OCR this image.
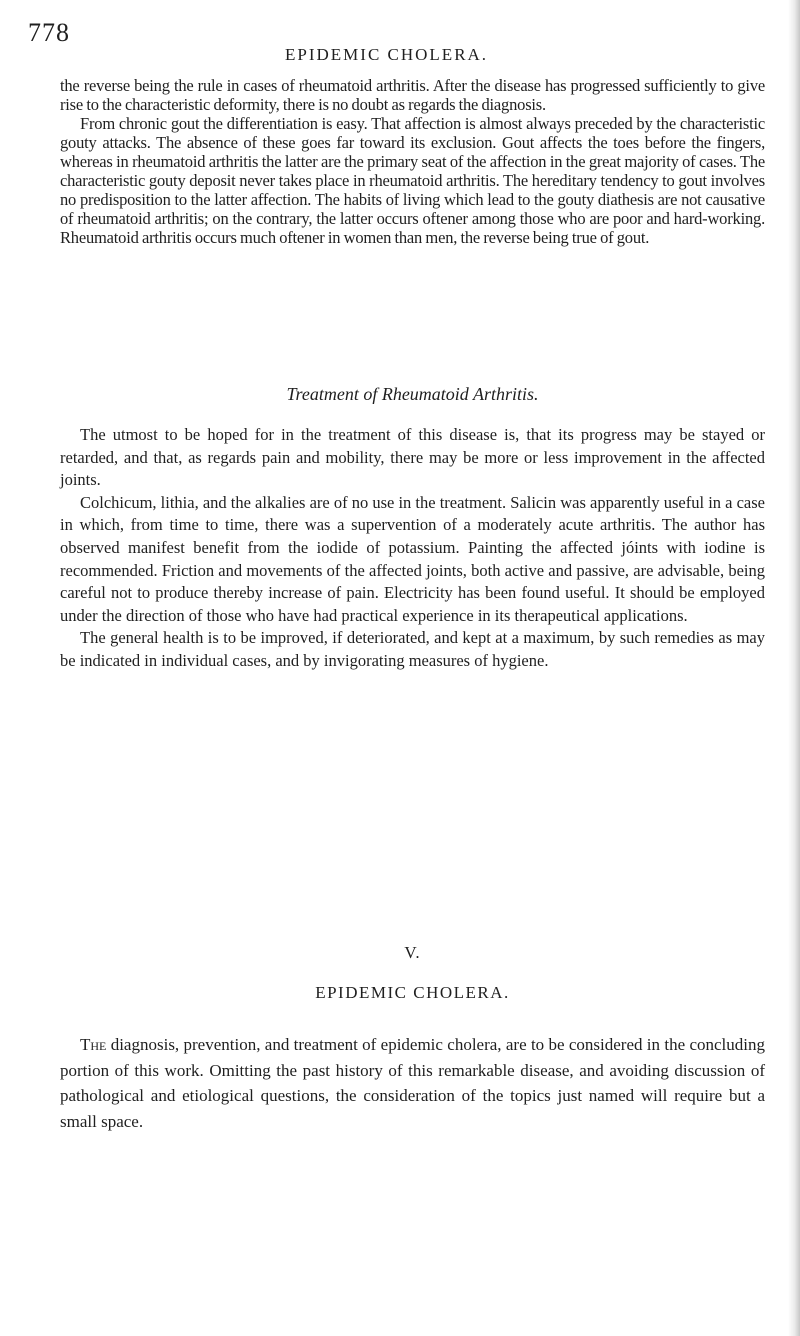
778
EPIDEMIC CHOLERA.

the reverse being the rule in cases of rheumatoid arthritis. After the disease has progressed sufficiently to give rise to the characteristic deformity, there is no doubt as regards the diagnosis.

From chronic gout the differentiation is easy. That affection is almost always preceded by the characteristic gouty attacks. The absence of these goes far toward its exclusion. Gout affects the toes before the fingers, whereas in rheumatoid arthritis the latter are the primary seat of the affection in the great majority of cases. The characteristic gouty deposit never takes place in rheumatoid arthritis. The hereditary tendency to gout involves no predisposition to the latter affection. The habits of living which lead to the gouty diathesis are not causative of rheumatoid arthritis; on the contrary, the latter occurs oftener among those who are poor and hard-working. Rheumatoid arthritis occurs much oftener in women than men, the reverse being true of gout.

Treatment of Rheumatoid Arthritis.

The utmost to be hoped for in the treatment of this disease is, that its progress may be stayed or retarded, and that, as regards pain and mobility, there may be more or less improvement in the affected joints.

Colchicum, lithia, and the alkalies are of no use in the treatment. Salicin was apparently useful in a case in which, from time to time, there was a supervention of a moderately acute arthritis. The author has observed manifest benefit from the iodide of potassium. Painting the affected jóints with iodine is recommended. Friction and movements of the affected joints, both active and passive, are advisable, being careful not to produce thereby increase of pain. Electricity has been found useful. It should be employed under the direction of those who have had practical experience in its therapeutical applications.

The general health is to be improved, if deteriorated, and kept at a maximum, by such remedies as may be indicated in individual cases, and by invigorating measures of hygiene.

V.
EPIDEMIC CHOLERA.

The diagnosis, prevention, and treatment of epidemic cholera, are to be considered in the concluding portion of this work. Omitting the past history of this remarkable disease, and avoiding discussion of pathological and etiological questions, the consideration of the topics just named will require but a small space.
